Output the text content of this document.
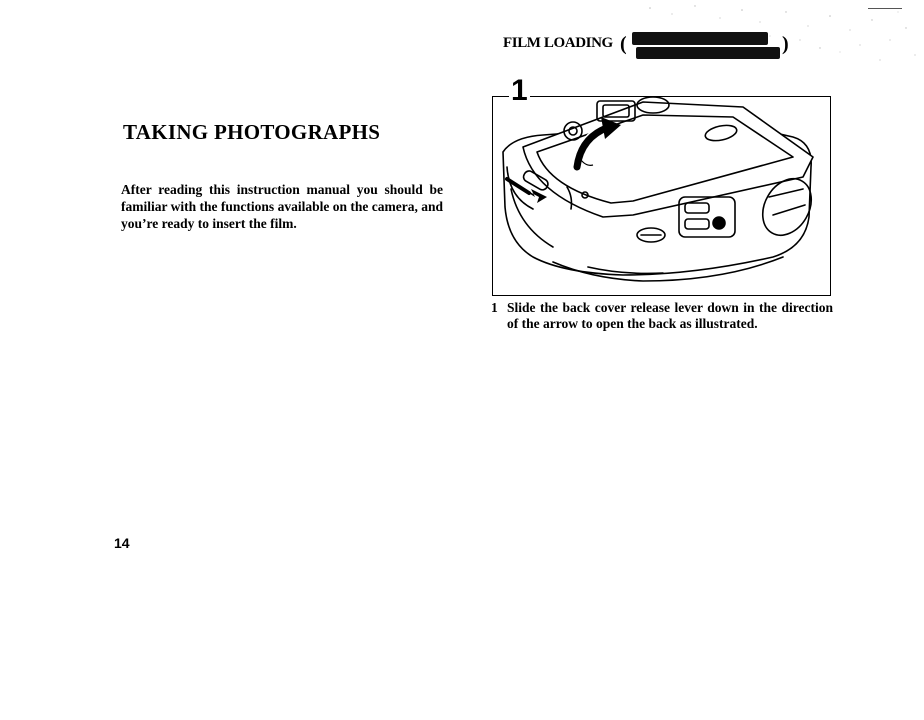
TAKING PHOTOGRAPHS
After reading this instruction manual you should be familiar with the functions available on the camera, and you’re ready to insert the film.
14
FILM LOADING (
Ensure the power is off before inserting the film.
)
1
1 Slide the back cover release lever down in the direction of the arrow to open the back as illustrated.
